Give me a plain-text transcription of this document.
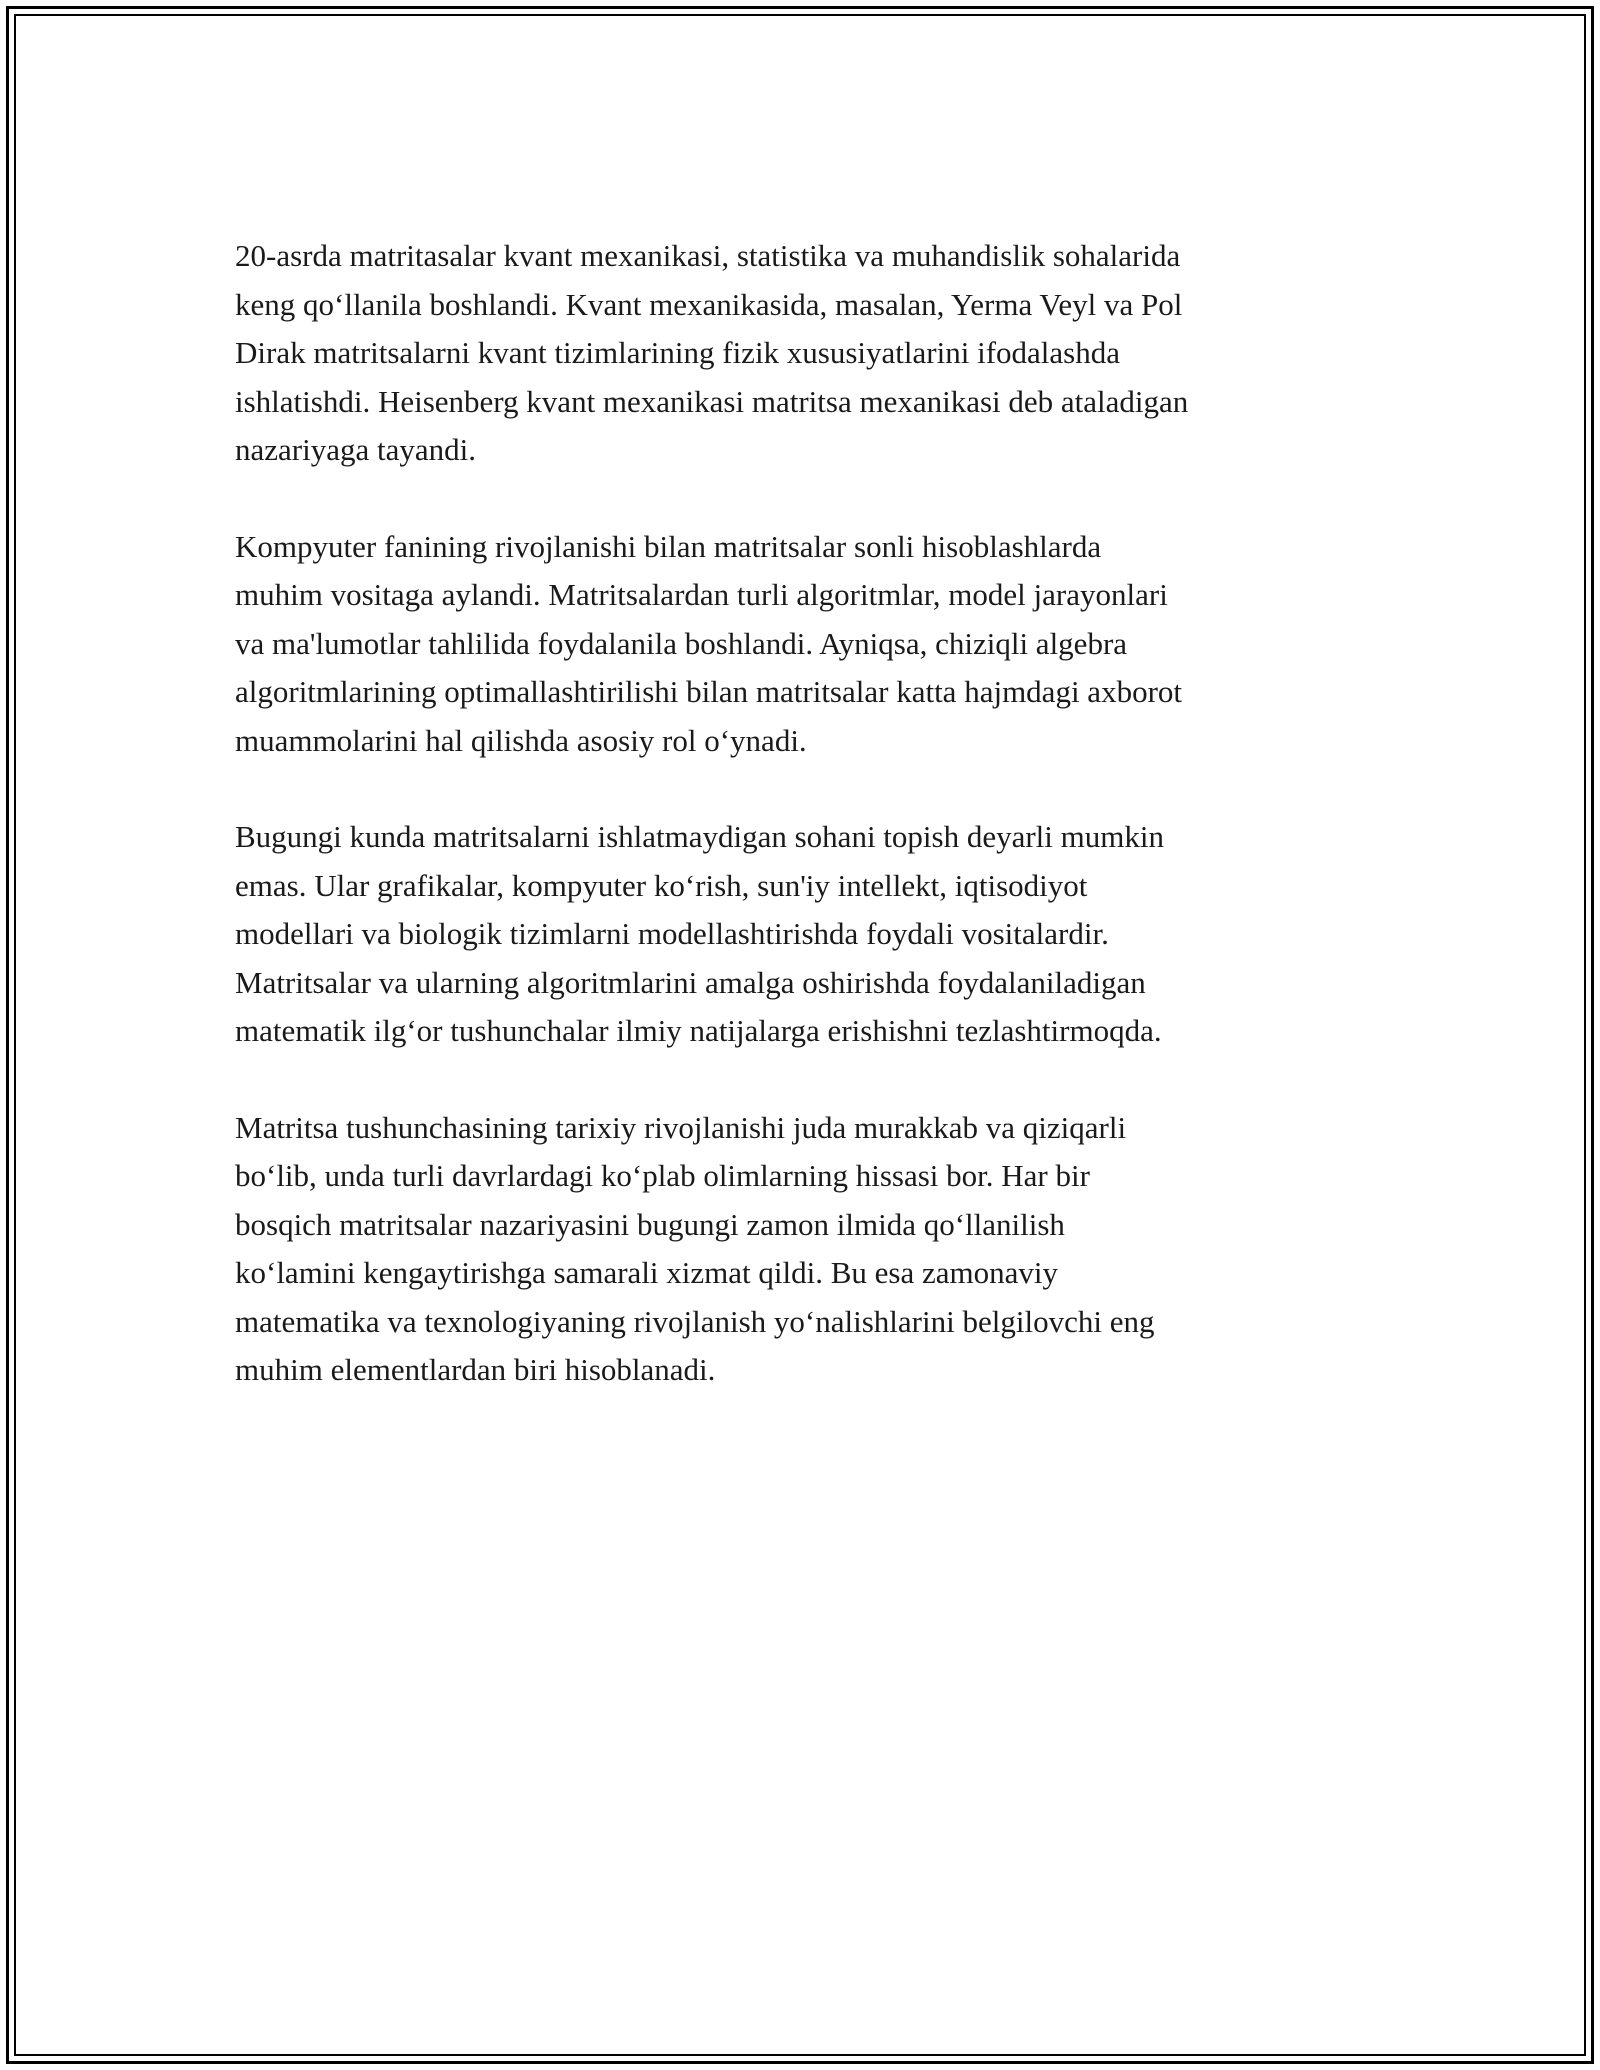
20-asrda matritasalar kvant mexanikasi, statistika va muhandislik sohalarida
keng qo‘llanila boshlandi. Kvant mexanikasida, masalan, Yerma Veyl va Pol
Dirak matritsalarni kvant tizimlarining fizik xususiyatlarini ifodalashda
ishlatishdi. Heisenberg kvant mexanikasi matritsa mexanikasi deb ataladigan
nazariyaga tayandi.

Kompyuter fanining rivojlanishi bilan matritsalar sonli hisoblashlarda
muhim vositaga aylandi. Matritsalardan turli algoritmlar, model jarayonlari
va ma'lumotlar tahlilida foydalanila boshlandi. Ayniqsa, chiziqli algebra
algoritmlarining optimallashtirilishi bilan matritsalar katta hajmdagi axborot
muammolarini hal qilishda asosiy rol o‘ynadi.

Bugungi kunda matritsalarni ishlatmaydigan sohani topish deyarli mumkin
emas. Ular grafikalar, kompyuter ko‘rish, sun'iy intellekt, iqtisodiyot
modellari va biologik tizimlarni modellashtirishda foydali vositalardir.
Matritsalar va ularning algoritmlarini amalga oshirishda foydalaniladigan
matematik ilg‘or tushunchalar ilmiy natijalarga erishishni tezlashtirmoqda.

Matritsa tushunchasining tarixiy rivojlanishi juda murakkab va qiziqarli
bo‘lib, unda turli davrlardagi ko‘plab olimlarning hissasi bor. Har bir
bosqich matritsalar nazariyasini bugungi zamon ilmida qo‘llanilish
ko‘lamini kengaytirishga samarali xizmat qildi. Bu esa zamonaviy
matematika va texnologiyaning rivojlanish yo‘nalishlarini belgilovchi eng
muhim elementlardan biri hisoblanadi.
